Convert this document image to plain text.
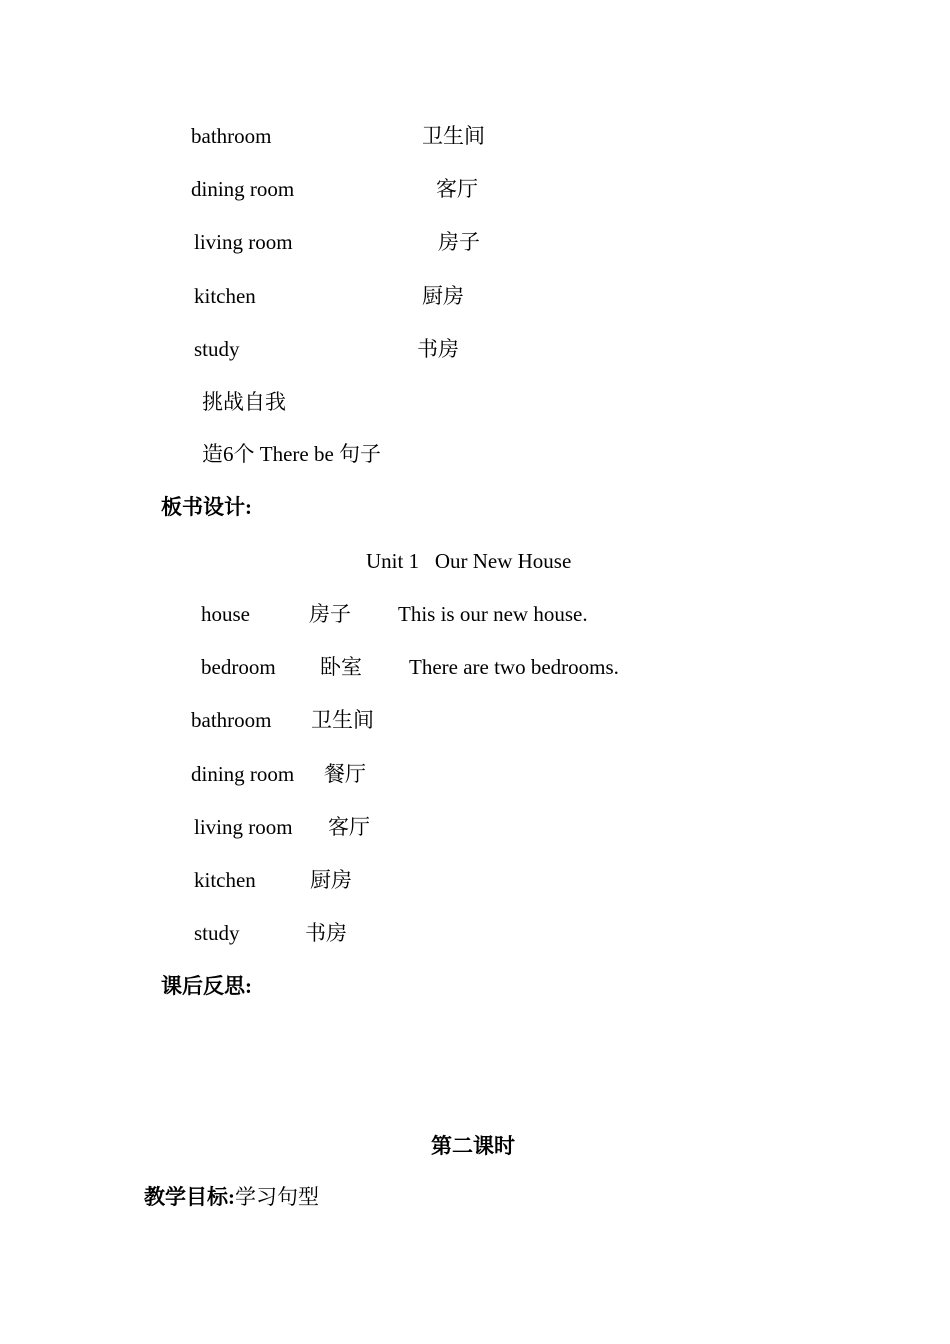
bathroom	卫生间
dining room	客厅
living room	房子
kitchen	厨房
study	书房
挑战自我
造6个 There be 句子
板书设计:
Unit 1   Our New House
house	房子 This is our new house.
bedroom 卧室 There are two bedrooms.
bathroom 卫生间
dining room 餐厅
living room 客厅
kitchen	厨房
study	书房
课后反思:
第二课时
教学目标:学习句型
